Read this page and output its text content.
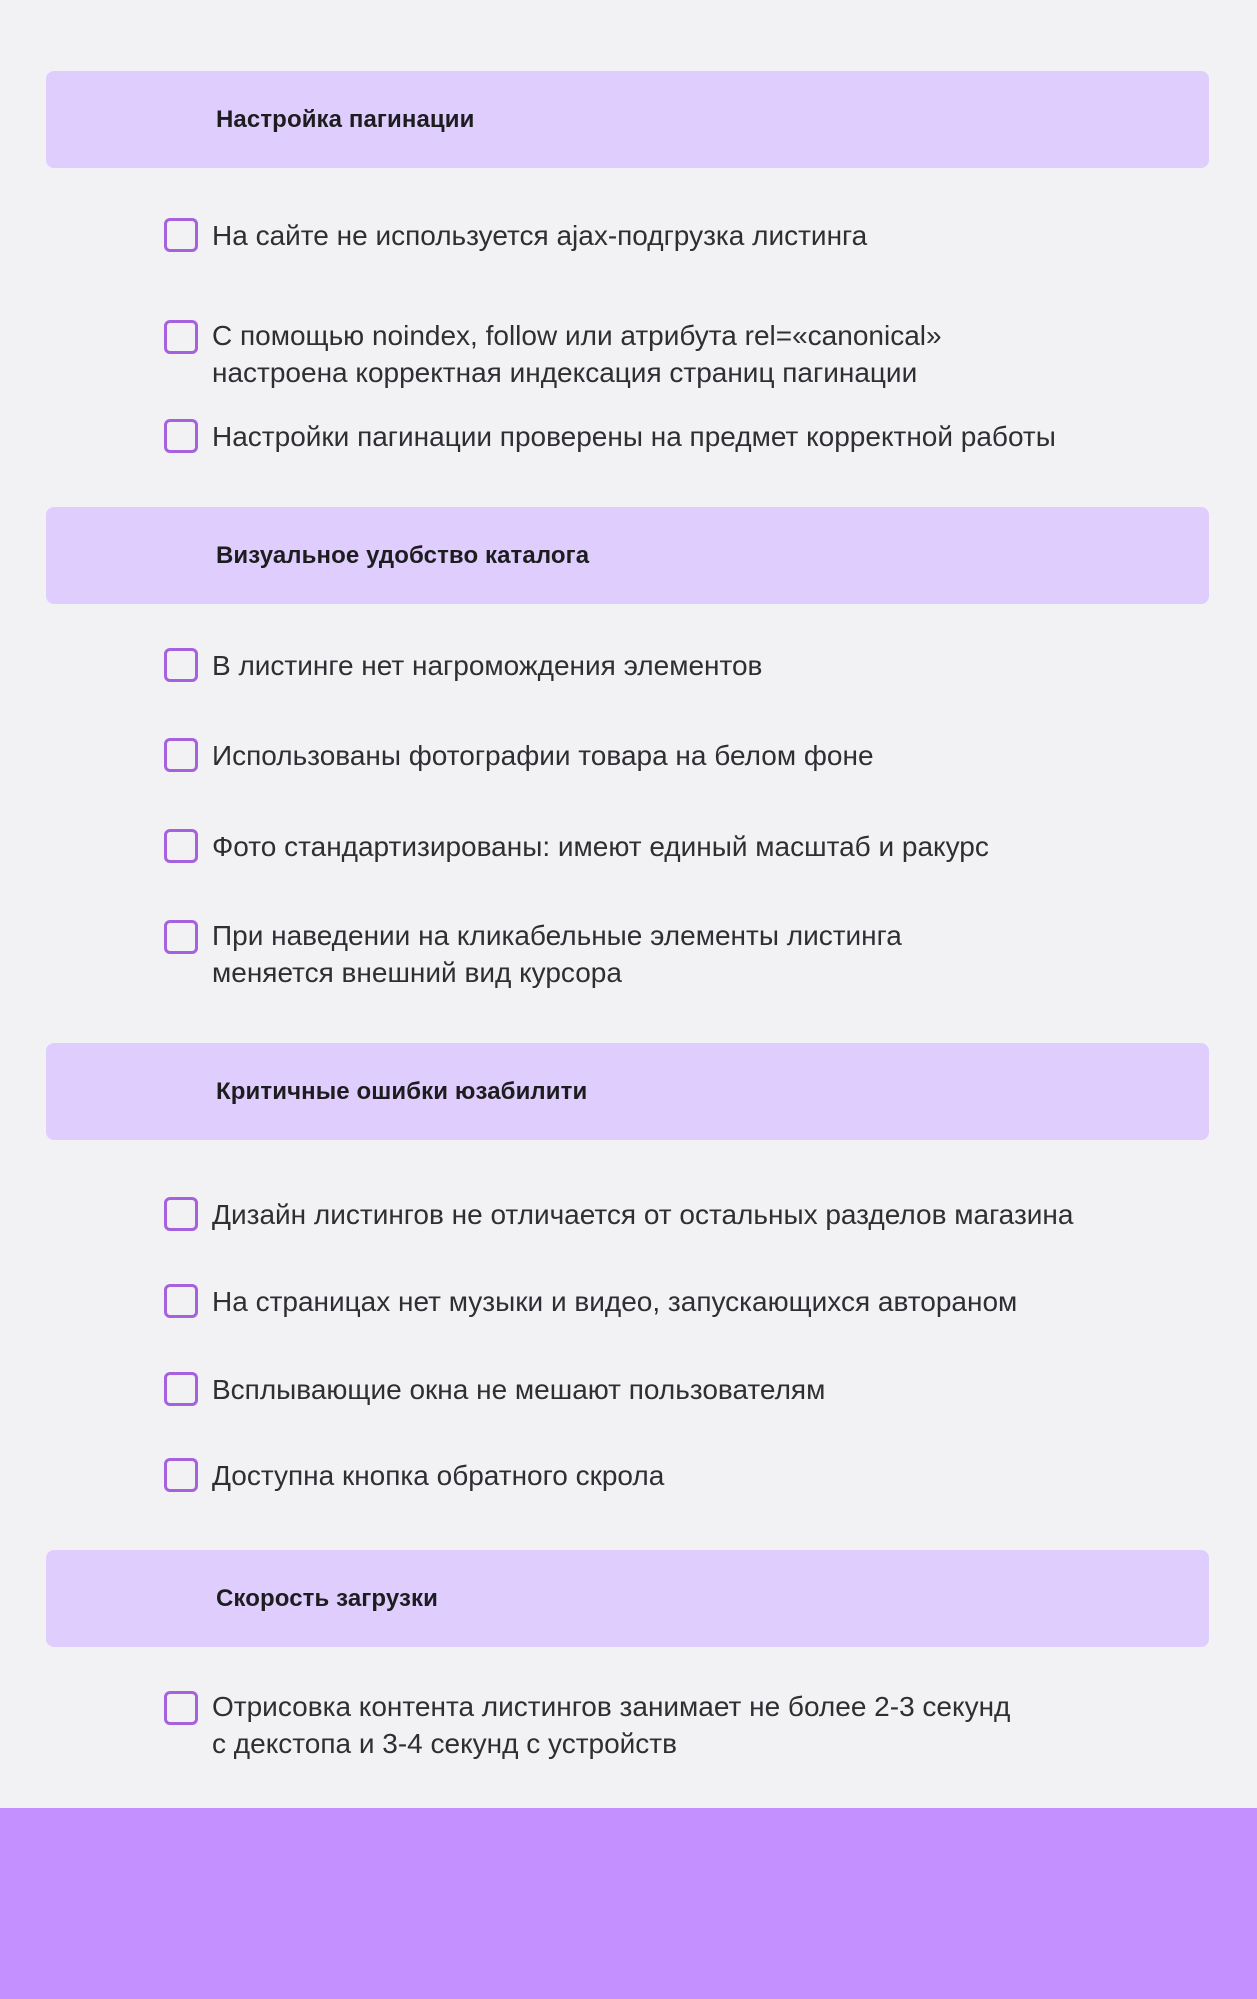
Настройка пагинации
На сайте не используется ajax-подгрузка листинга
С помощью noindex, follow или атрибута rel=«canonical»
настроена корректная индексация страниц пагинации
Настройки пагинации проверены на предмет корректной работы
Визуальное удобство каталога
В листинге нет нагромождения элементов
Использованы фотографии товара на белом фоне
Фото стандартизированы: имеют единый масштаб и ракурс
При наведении на кликабельные элементы листинга
меняется внешний вид курсора
Критичные ошибки юзабилити
Дизайн листингов не отличается от остальных разделов магазина
На страницах нет музыки и видео, запускающихся автораном
Всплывающие окна не мешают пользователям
Доступна кнопка обратного скрола
Скорость загрузки
Отрисовка контента листингов занимает не более 2-3 секунд
с декстопа и 3-4 секунд с устройств
